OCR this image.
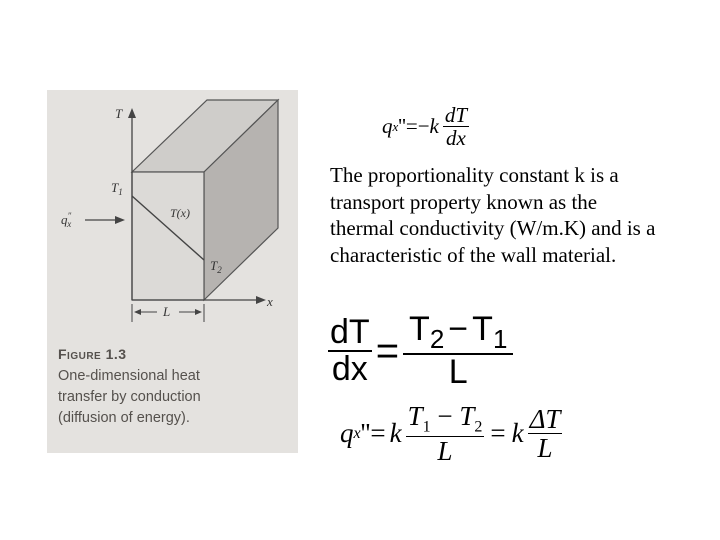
T
x
$T_1$
$T_2$
T(x)
q″ x
L
Figure 1.3
One-dimensional heat
transfer by conduction
(diffusion of energy).
q x ''=− k $\frac{dT}{dx}$
The proportionality constant k is a transport property known as the thermal conductivity (W/m.K) and is a characteristic of the wall material.
$\frac{dT}{dx} = \frac{T_2 - T_1}{L}$
q x ''= k $\frac{T_1 - T_2}{L} = k \frac{\Delta T}{L}$
